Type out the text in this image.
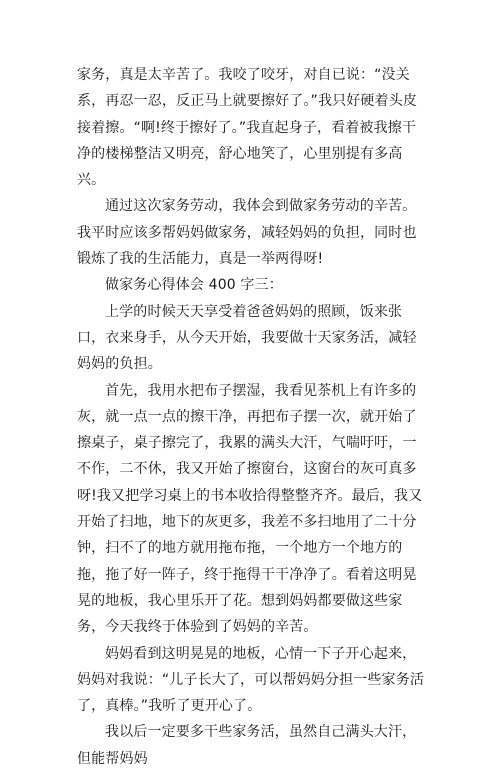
家务，真是太辛苦了。我咬了咬牙，对自已说：“没关系，再忍一忍，反正马上就要擦好了。”我只好硬着头皮接着擦。“啊!终于擦好了。”我直起身子，看着被我擦干净的楼梯整洁又明亮，舒心地笑了，心里别提有多高兴。

通过这次家务劳动，我体会到做家务劳动的辛苦。我平时应该多帮妈妈做家务，减轻妈妈的负担，同时也锻炼了我的生活能力，真是一举两得呀!

做家务心得体会 400 字三：

上学的时候天天享受着爸爸妈妈的照顾，饭来张口，衣来身手，从今天开始，我要做十天家务活，减轻妈妈的负担。

首先，我用水把布子摆湿，我看见茶机上有许多的灰，就一点一点的擦干净，再把布子摆一次，就开始了擦桌子，桌子擦完了，我累的满头大汗，气喘吁吁，一不作，二不休，我又开始了擦窗台，这窗台的灰可真多呀!我又把学习桌上的书本收拾得整整齐齐。最后，我又开始了扫地，地下的灰更多，我差不多扫地用了二十分钟，扫不了的地方就用拖布拖，一个地方一个地方的拖，拖了好一阵子，终于拖得干干净净了。看着这明晃晃的地板，我心里乐开了花。想到妈妈都要做这些家务，今天我终于体验到了妈妈的辛苦。

妈妈看到这明晃晃的地板，心情一下子开心起来，妈妈对我说：“儿子长大了，可以帮妈妈分担一些家务活了，真棒。”我听了更开心了。

我以后一定要多干些家务活，虽然自己满头大汗，但能帮妈妈
